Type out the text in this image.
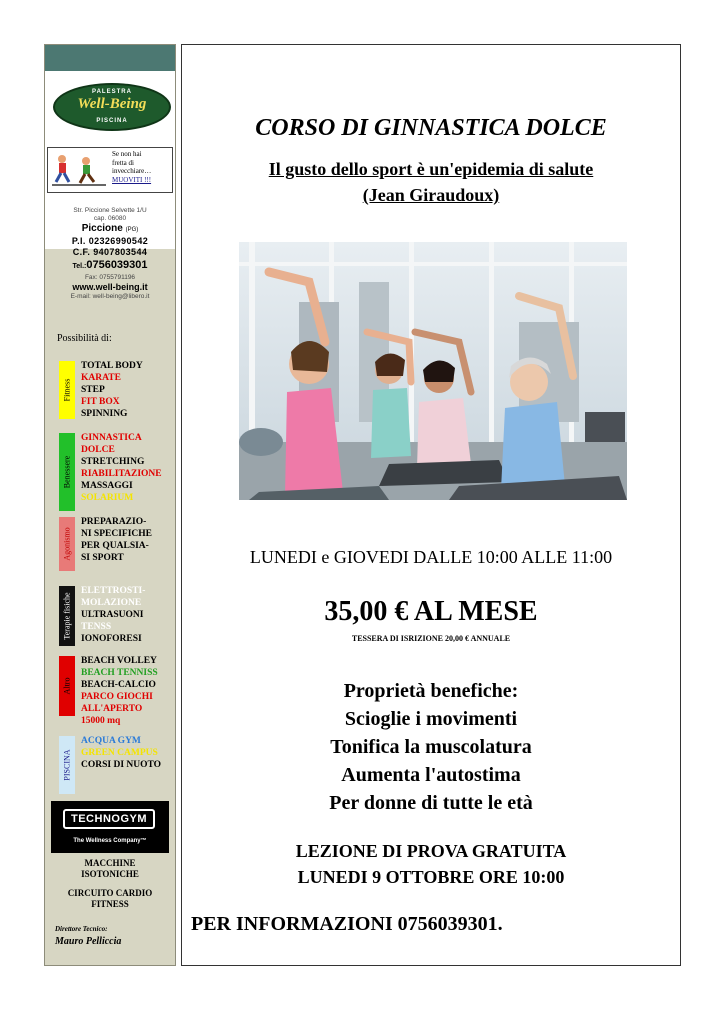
PALESTRA
Well-Being
PISCINA
Se non hai
fretta di
invecchiare…
MUOVITI !!!
Str. Piccione Selvette 1/U
cap. 06080
Piccione (PG)
P.I. 02326990542
C.F. 9407803544
Tel.:0756039301
Fax: 0755791196
www.well-being.it
E-mail: well-being@libero.it
Possibilità di:
Fitness
TOTAL BODY
KARATE
STEP
FIT BOX
SPINNING
Benessere
GINNASTICA
DOLCE
STRETCHING
RIABILITAZIONE
MASSAGGI
SOLARIUM
Agonismo
PREPARAZIO-
NI SPECIFICHE
PER QUALSIA-
SI SPORT
Terapie fisiche
ELETTROSTI-
MOLAZIONE
ULTRASUONI
TENSS
IONOFORESI
Altro
BEACH VOLLEY
BEACH TENNISS
BEACH-CALCIO
PARCO GIOCHI
ALL'APERTO
15000 mq
PISCINA
ACQUA GYM
GREEN CAMPUS
CORSI DI NUOTO
TECHNOGYM
The Wellness Company™
MACCHINE ISOTONICHE
CIRCUITO CARDIO FITNESS
Direttore Tecnico:
Mauro Pelliccia
CORSO DI GINNASTICA DOLCE
Il gusto dello sport è un'epidemia di salute
(Jean Giraudoux)
LUNEDI e GIOVEDI DALLE 10:00 ALLE 11:00
35,00 € AL MESE
TESSERA DI ISRIZIONE 20,00 € ANNUALE
Proprietà benefiche:
Scioglie i movimenti
Tonifica la muscolatura
Aumenta l'autostima
Per donne di tutte le età
LEZIONE DI PROVA GRATUITA
LUNEDI 9 OTTOBRE ORE 10:00
PER INFORMAZIONI 0756039301.
